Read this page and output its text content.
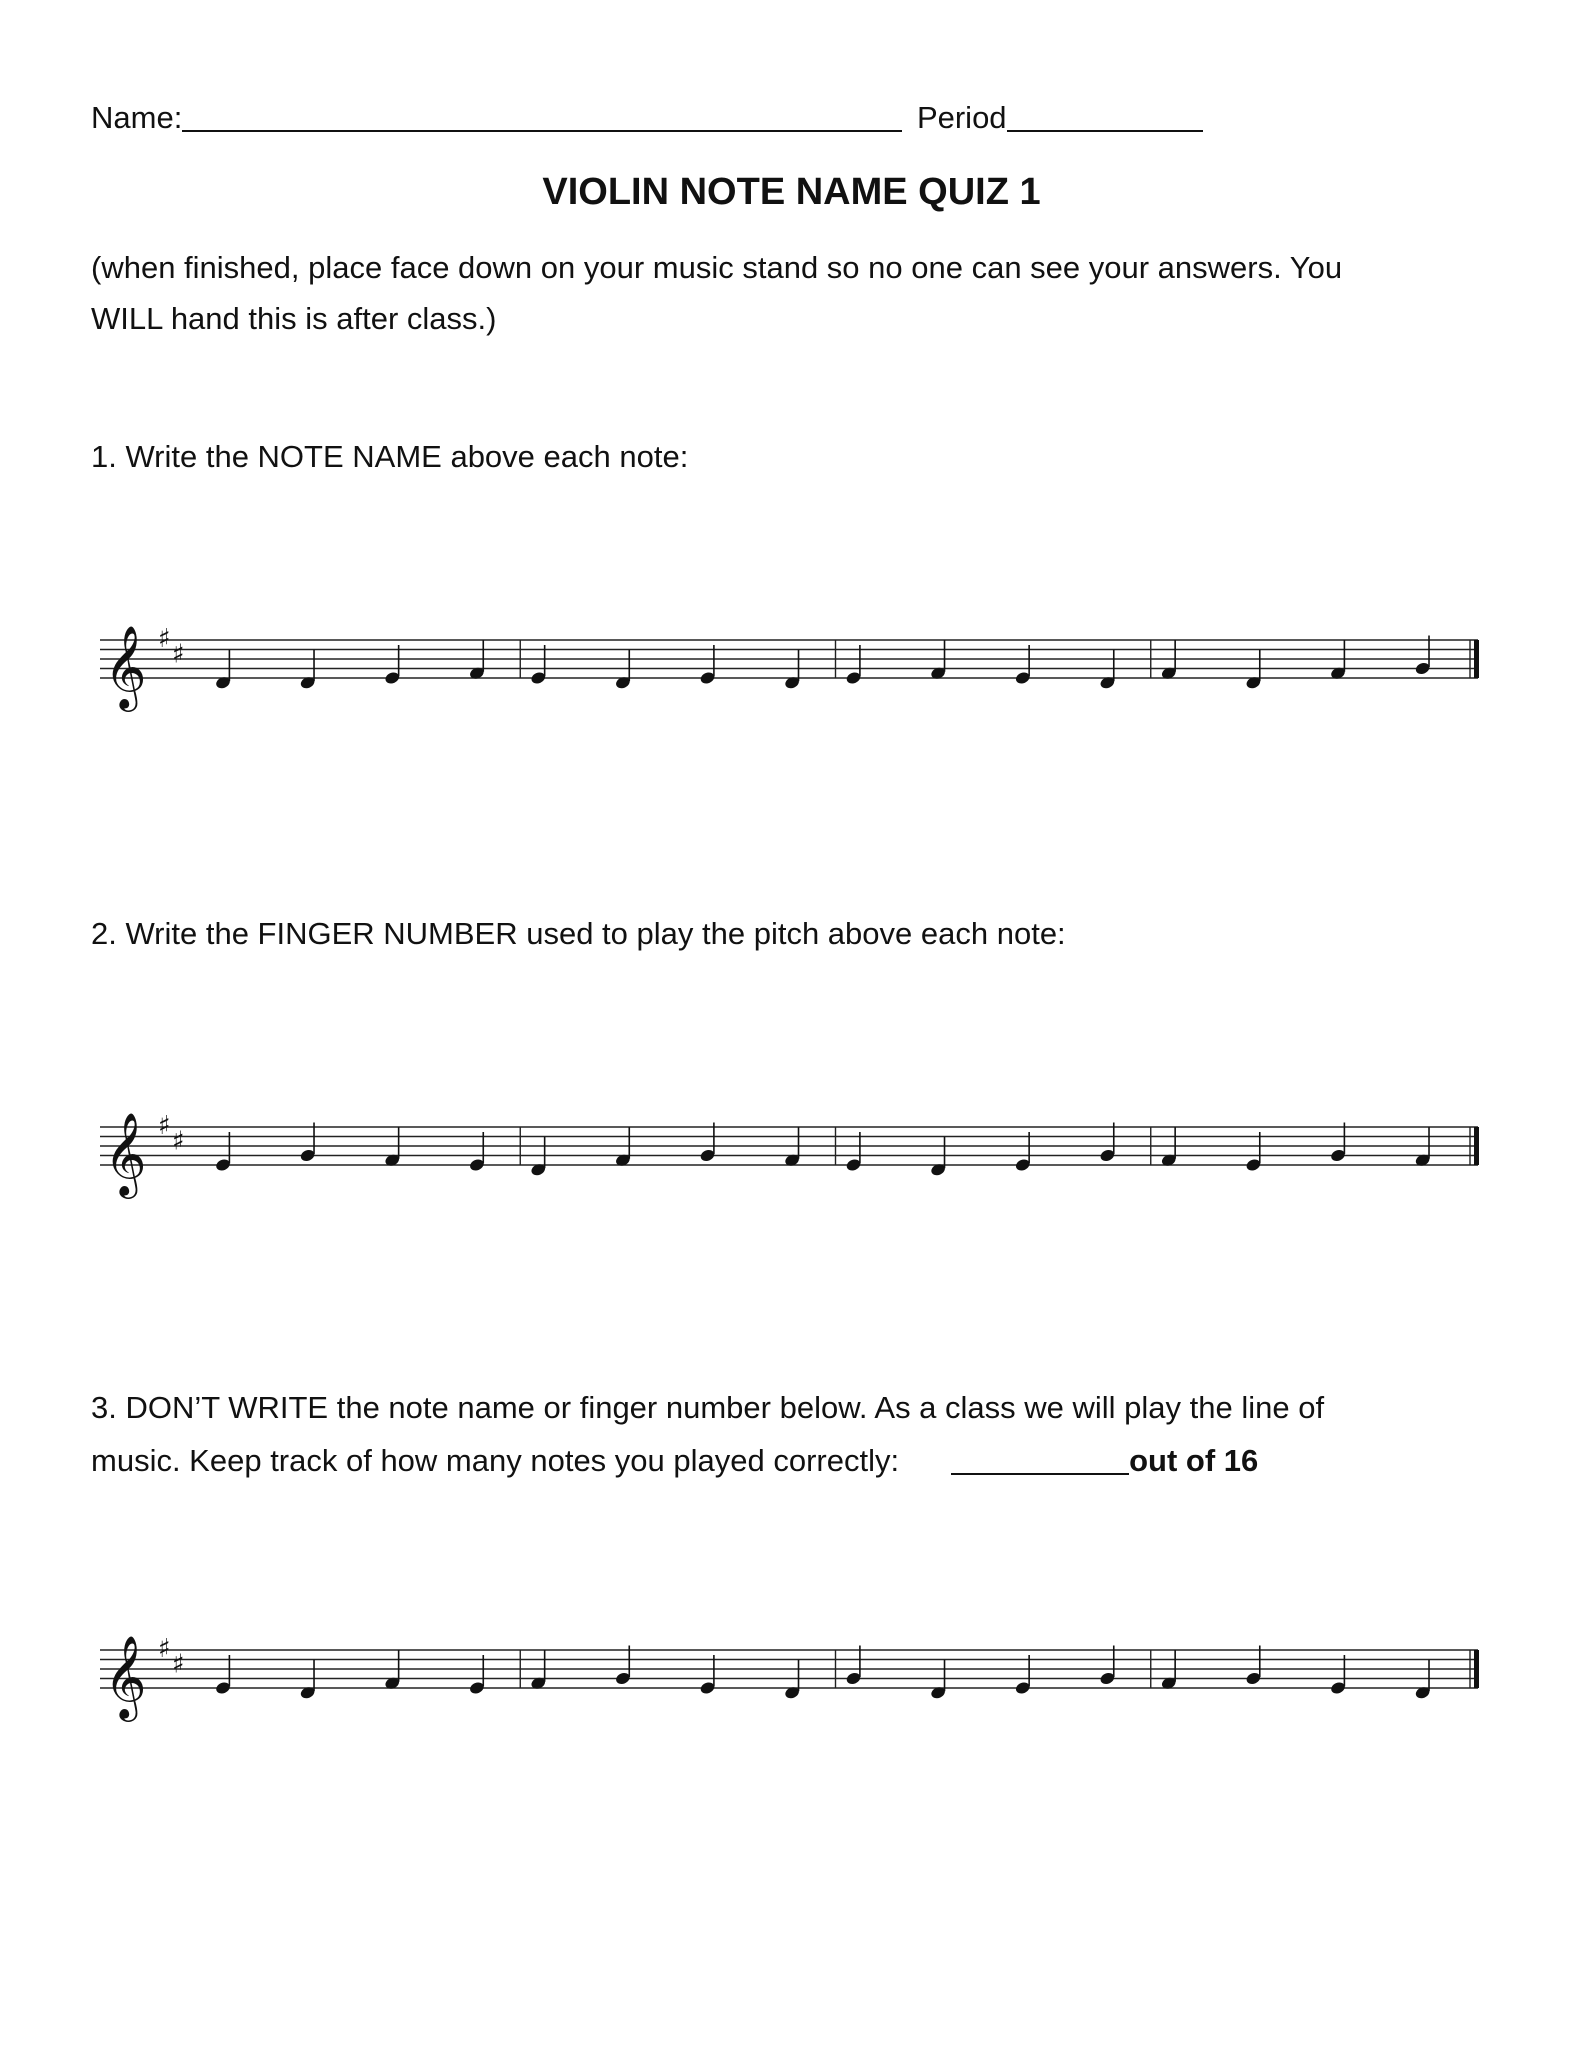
Name:	Period
VIOLIN NOTE NAME QUIZ 1
(when finished, place face down on your music stand so no one can see your answers. You
WILL hand this is after class.)
1. Write the NOTE NAME above each note:
𝄞 ♯
♯
2. Write the FINGER NUMBER used to play the pitch above each note:
𝄞 ♯
♯
3. DON’T WRITE the note name or finger number below. As a class we will play the line of
music. Keep track of how many notes you played correctly:	out of 16
𝄞 ♯
♯
